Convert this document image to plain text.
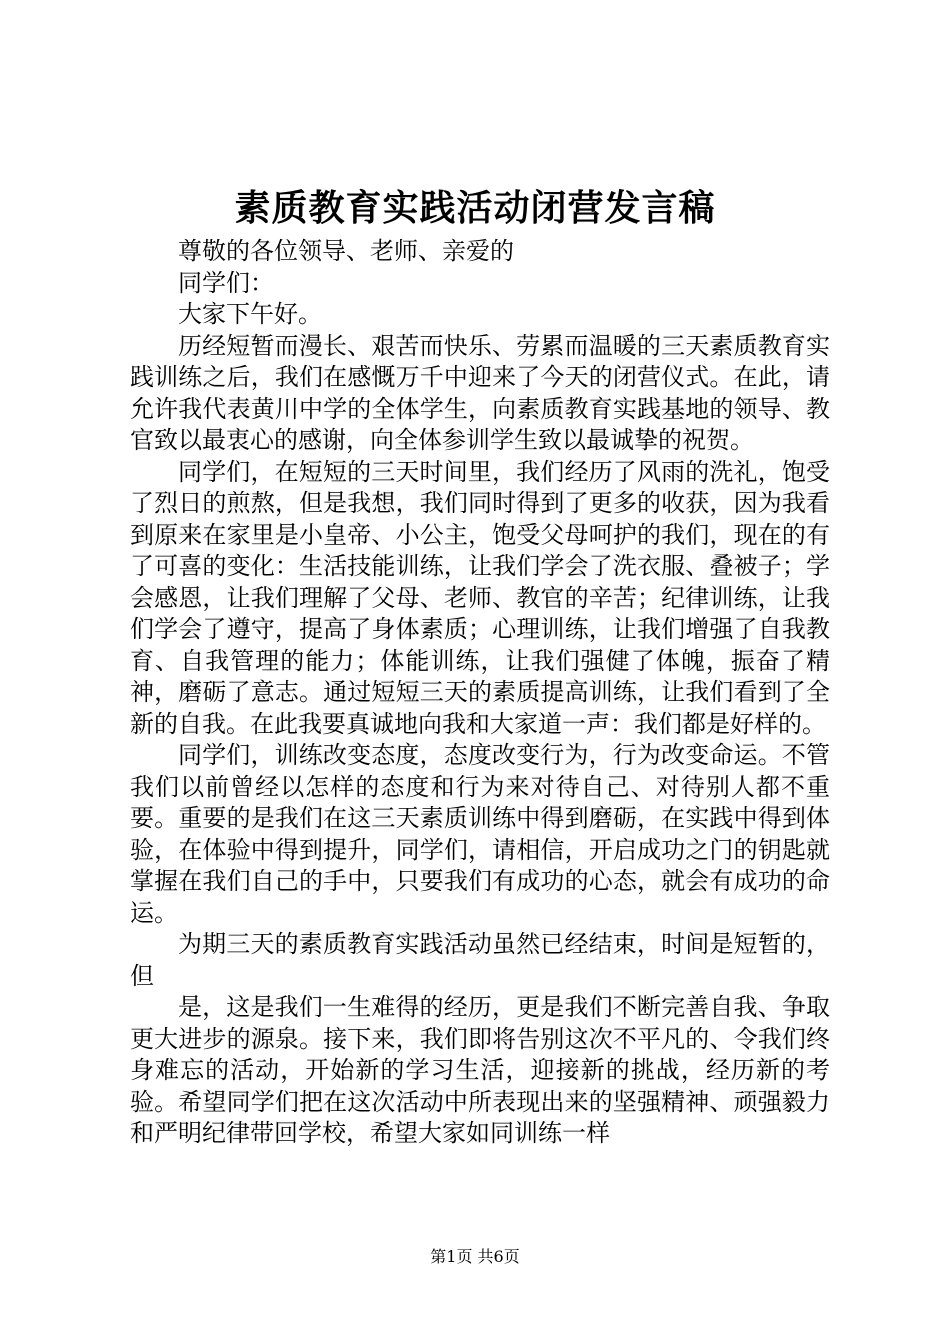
素质教育实践活动闭营发言稿

尊敬的各位领导、老师、亲爱的

同学们：

大家下午好。

历经短暂而漫长、艰苦而快乐、劳累而温暖的三天素质教育实践训练之后，我们在感慨万千中迎来了今天的闭营仪式。在此，请允许我代表黄川中学的全体学生，向素质教育实践基地的领导、教官致以最衷心的感谢，向全体参训学生致以最诚挚的祝贺。

同学们，在短短的三天时间里，我们经历了风雨的洗礼，饱受了烈日的煎熬，但是我想，我们同时得到了更多的收获，因为我看到原来在家里是小皇帝、小公主，饱受父母呵护的我们，现在的有了可喜的变化：生活技能训练，让我们学会了洗衣服、叠被子；学会感恩，让我们理解了父母、老师、教官的辛苦；纪律训练，让我们学会了遵守，提高了身体素质；心理训练，让我们增强了自我教育、自我管理的能力；体能训练，让我们强健了体魄，振奋了精神，磨砺了意志。通过短短三天的素质提高训练，让我们看到了全新的自我。在此我要真诚地向我和大家道一声：我们都是好样的。

同学们，训练改变态度，态度改变行为，行为改变命运。不管我们以前曾经以怎样的态度和行为来对待自己、对待别人都不重要。重要的是我们在这三天素质训练中得到磨砺，在实践中得到体验，在体验中得到提升，同学们，请相信，开启成功之门的钥匙就掌握在我们自己的手中，只要我们有成功的心态，就会有成功的命运。

为期三天的素质教育实践活动虽然已经结束，时间是短暂的，但

是，这是我们一生难得的经历，更是我们不断完善自我、争取更大进步的源泉。接下来，我们即将告别这次不平凡的、令我们终身难忘的活动，开始新的学习生活，迎接新的挑战，经历新的考验。希望同学们把在这次活动中所表现出来的坚强精神、顽强毅力和严明纪律带回学校，希望大家如同训练一样

第1页 共6页
